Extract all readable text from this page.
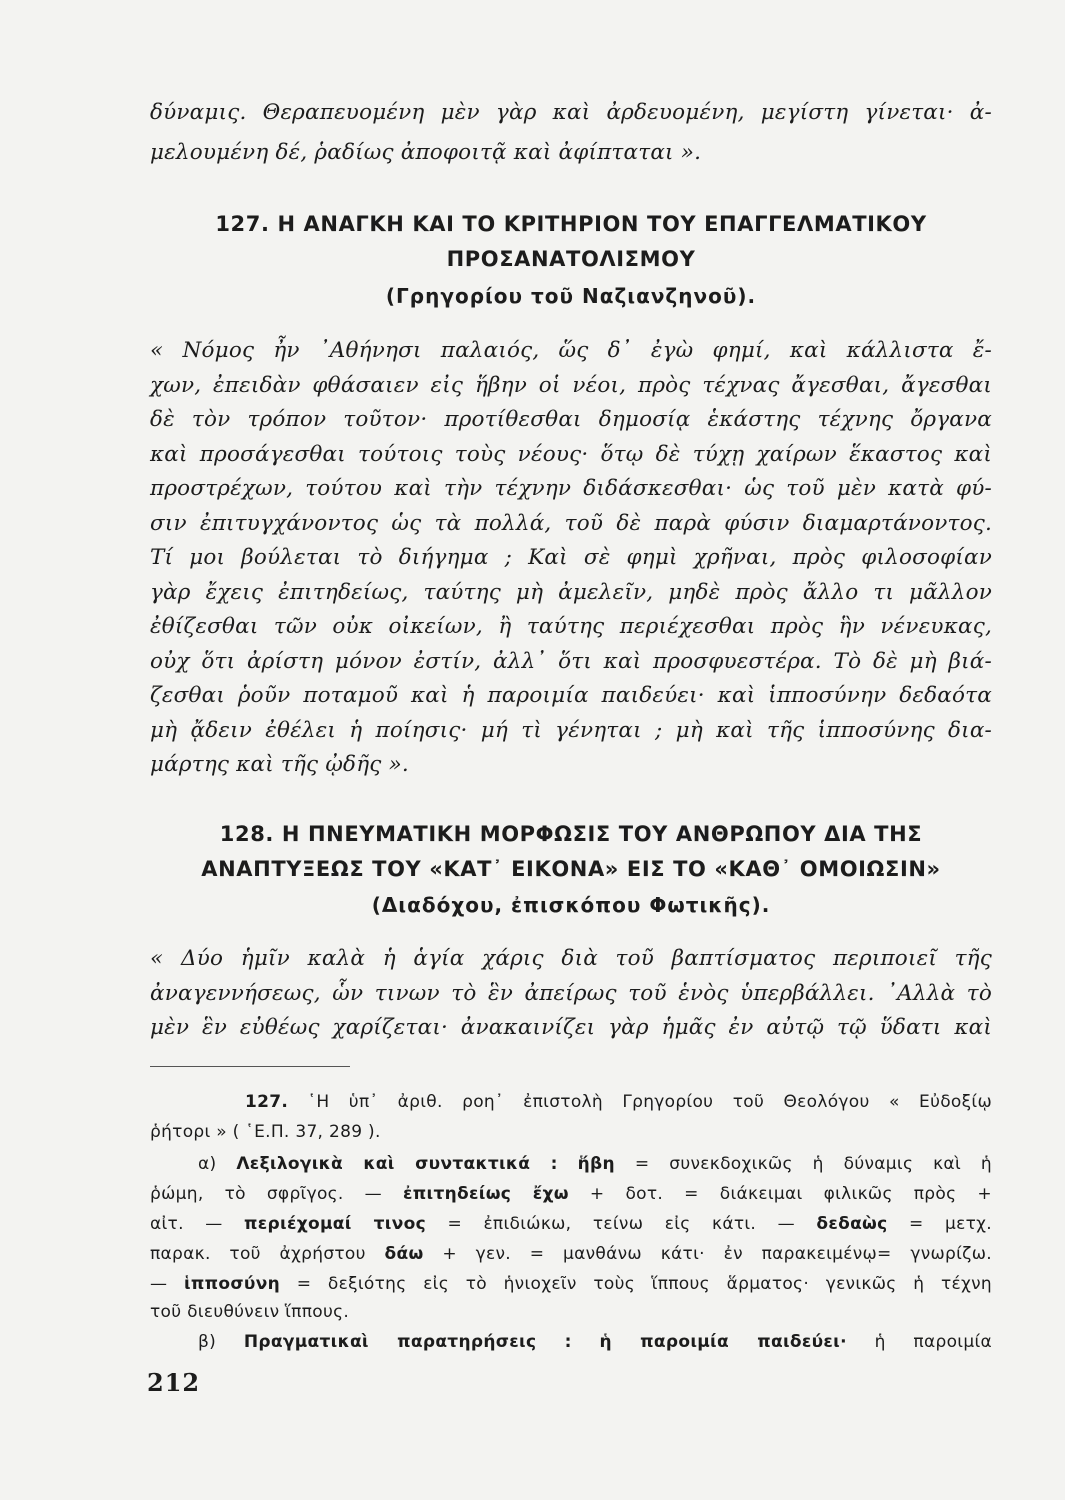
δύναμις. Θεραπευομένη μὲν γὰρ καὶ ἀρδευομένη, μεγίστη γίνεται· ἀ-

μελουμένη δέ, ῥαδίως ἀποφοιτᾷ καὶ ἀφίπταται ».

127. Η ΑΝΑΓΚΗ ΚΑΙ ΤΟ ΚΡΙΤΗΡΙΟΝ ΤΟΥ ΕΠΑΓΓΕΛΜΑΤΙΚΟΥ

ΠΡΟΣΑΝΑΤΟΛΙΣΜΟΥ

(Γρηγορίου τοῦ Ναζιανζηνοῦ).

« Νόμος ἦν ᾿Αθήνησι παλαιός, ὥς δ᾿ ἐγὼ φημί, καὶ κάλλιστα ἔ-

χων, ἐπειδὰν φθάσαιεν εἰς ἥβην οἱ νέοι, πρὸς τέχνας ἄγεσθαι, ἄγεσθαι

δὲ τὸν τρόπον τοῦτον· προτίθεσθαι δημοσίᾳ ἑκάστης τέχνης ὄργανα

καὶ προσάγεσθαι τούτοις τοὺς νέους· ὅτῳ δὲ τύχῃ χαίρων ἕκαστος καὶ

προστρέχων, τούτου καὶ τὴν τέχνην διδάσκεσθαι· ὡς τοῦ μὲν κατὰ φύ-

σιν ἐπιτυγχάνοντος ὡς τὰ πολλά, τοῦ δὲ παρὰ φύσιν διαμαρτάνοντος.

Τί μοι βούλεται τὸ διήγημα ; Καὶ σὲ φημὶ χρῆναι, πρὸς φιλοσοφίαν

γὰρ ἔχεις ἐπιτηδείως, ταύτης μὴ ἀμελεῖν, μηδὲ πρὸς ἄλλο τι μᾶλλον

ἐθίζεσθαι τῶν οὐκ οἰκείων, ἢ ταύτης περιέχεσθαι πρὸς ἣν νένευκας,

οὐχ ὅτι ἀρίστη μόνον ἐστίν, ἀλλ᾿ ὅτι καὶ προσφυεστέρα. Τὸ δὲ μὴ βιά-

ζεσθαι ῥοῦν ποταμοῦ καὶ ἡ παροιμία παιδεύει· καὶ ἱπποσύνην δεδαότα

μὴ ᾄδειν ἐθέλει ἡ ποίησις· μή τὶ γένηται ; μὴ καὶ τῆς ἱπποσύνης δια-

μάρτης καὶ τῆς ᾠδῆς ».

128. Η ΠΝΕΥΜΑΤΙΚΗ ΜΟΡΦΩΣΙΣ ΤΟΥ ΑΝΘΡΩΠΟΥ ΔΙΑ ΤΗΣ

ΑΝΑΠΤΥΞΕΩΣ ΤΟΥ «ΚΑΤ᾿ ΕΙΚΟΝΑ» ΕΙΣ ΤΟ «ΚΑΘ᾿ ΟΜΟΙΩΣΙΝ»

(Διαδόχου, ἐπισκόπου Φωτικῆς).

« Δύο ἡμῖν καλὰ ἡ ἁγία χάρις διὰ τοῦ βαπτίσματος περιποιεῖ τῆς

ἀναγεννήσεως, ὧν τινων τὸ ἓν ἀπείρως τοῦ ἑνὸς ὑπερβάλλει. ᾿Αλλὰ τὸ

μὲν ἓν εὐθέως χαρίζεται· ἀνακαινίζει γὰρ ἡμᾶς ἐν αὐτῷ τῷ ὕδατι καὶ

127. ῾Η ὑπ᾿ ἀριθ. ροη᾿ ἐπιστολὴ Γρηγορίου τοῦ Θεολόγου « Εὐδοξίῳ

ῥήτορι » ( ῾Ε.Π. 37, 289 ).

α) Λεξιλογικὰ καὶ συντακτικά : ἥβη = συνεκδοχικῶς ἡ δύναμις καὶ ἡ

ῥώμη, τὸ σφρῖγος. — ἐπιτηδείως ἔχω + δοτ. = διάκειμαι φιλικῶς πρὸς +

αἰτ. — περιέχομαί τινος = ἐπιδιώκω, τείνω εἰς κάτι. — δεδαὼς = μετχ.

παρακ. τοῦ ἀχρήστου δάω + γεν. = μανθάνω κάτι· ἐν παρακειμένῳ= γνωρίζω.

— ἱπποσύνη = δεξιότης εἰς τὸ ἡνιοχεῖν τοὺς ἵππους ἅρματος· γενικῶς ἡ τέχνη

τοῦ διευθύνειν ἵππους.

β) Πραγματικαὶ παρατηρήσεις : ἡ παροιμία παιδεύει· ἡ παροιμία

212
